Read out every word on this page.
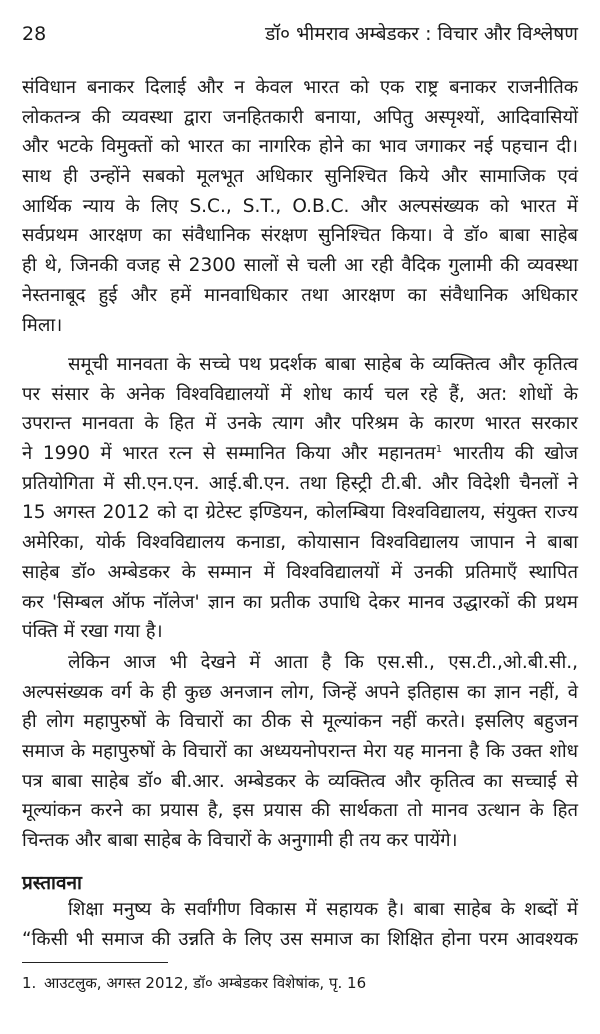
28	डॉ० भीमराव अम्बेडकर : विचार और विश्लेषण
संविधान बनाकर दिलाई और न केवल भारत को एक राष्ट्र बनाकर राजनीतिक
लोकतन्त्र की व्यवस्था द्वारा जनहितकारी बनाया, अपितु अस्पृश्यों, आदिवासियों
और भटके विमुक्तों को भारत का नागरिक होने का भाव जगाकर नई पहचान दी।
साथ ही उन्होंने सबको मूलभूत अधिकार सुनिश्चित किये और सामाजिक एवं
आर्थिक न्याय के लिए S.C., S.T., O.B.C. और अल्पसंख्यक को भारत में
सर्वप्रथम आरक्षण का संवैधानिक संरक्षण सुनिश्चित किया। वे डॉ० बाबा साहेब
ही थे, जिनकी वजह से 2300 सालों से चली आ रही वैदिक गुलामी की व्यवस्था
नेस्तनाबूद हुई और हमें मानवाधिकार तथा आरक्षण का संवैधानिक अधिकार
मिला।
समूची मानवता के सच्चे पथ प्रदर्शक बाबा साहेब के व्यक्तित्व और कृतित्व
पर संसार के अनेक विश्वविद्यालयों में शोध कार्य चल रहे हैं, अत: शोधों के
उपरान्त मानवता के हित में उनके त्याग और परिश्रम के कारण भारत सरकार
ने 1990 में भारत रत्न से सम्मानित किया और महानतम$^1$ भारतीय की खोज
प्रतियोगिता में सी.एन.एन. आई.बी.एन. तथा हिस्ट्री टी.बी. और विदेशी चैनलों ने
15 अगस्त 2012 को दा ग्रेटेस्ट इण्डियन, कोलम्बिया विश्वविद्यालय, संयुक्त राज्य
अमेरिका, योर्क विश्वविद्यालय कनाडा, कोयासान विश्वविद्यालय जापान ने बाबा
साहेब डॉ० अम्बेडकर के सम्मान में विश्वविद्यालयों में उनकी प्रतिमाएँ स्थापित
कर 'सिम्बल ऑफ नॉलेज' ज्ञान का प्रतीक उपाधि देकर मानव उद्धारकों की प्रथम
पंक्ति में रखा गया है।
लेकिन आज भी देखने में आता है कि एस.सी., एस.टी.,ओ.बी.सी.,
अल्पसंख्यक वर्ग के ही कुछ अनजान लोग, जिन्हें अपने इतिहास का ज्ञान नहीं, वे
ही लोग महापुरुषों के विचारों का ठीक से मूल्यांकन नहीं करते। इसलिए बहुजन
समाज के महापुरुषों के विचारों का अध्ययनोपरान्त मेरा यह मानना है कि उक्त शोध
पत्र बाबा साहेब डॉ० बी.आर. अम्बेडकर के व्यक्तित्व और कृतित्व का सच्चाई से
मूल्यांकन करने का प्रयास है, इस प्रयास की सार्थकता तो मानव उत्थान के हित
चिन्तक और बाबा साहेब के विचारों के अनुगामी ही तय कर पायेंगे।
प्रस्तावना
शिक्षा मनुष्य के सर्वांगीण विकास में सहायक है। बाबा साहेब के शब्दों में
“किसी भी समाज की उन्नति के लिए उस समाज का शिक्षित होना परम आवश्यक
1. आउटलुक, अगस्त 2012, डॉ० अम्बेडकर विशेषांक, पृ. 16
